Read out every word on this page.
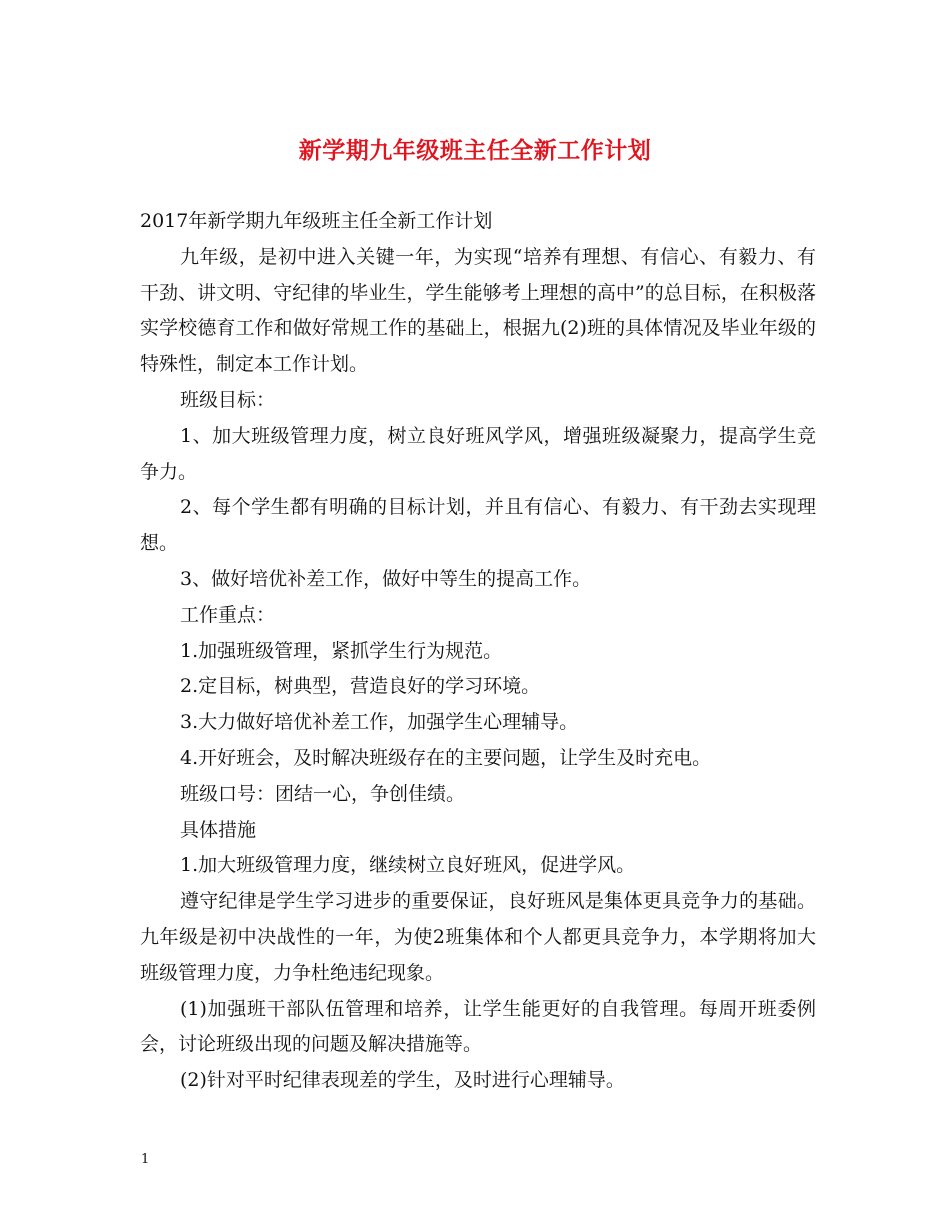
新学期九年级班主任全新工作计划

2017年新学期九年级班主任全新工作计划

九年级，是初中进入关键一年，为实现“培养有理想、有信心、有毅力、有干劲、讲文明、守纪律的毕业生，学生能够考上理想的高中”的总目标，在积极落实学校德育工作和做好常规工作的基础上，根据九(2)班的具体情况及毕业年级的特殊性，制定本工作计划。

班级目标：

1、加大班级管理力度，树立良好班风学风，增强班级凝聚力，提高学生竞争力。

2、每个学生都有明确的目标计划，并且有信心、有毅力、有干劲去实现理想。

3、做好培优补差工作，做好中等生的提高工作。

工作重点：

1.加强班级管理，紧抓学生行为规范。

2.定目标，树典型，营造良好的学习环境。

3.大力做好培优补差工作，加强学生心理辅导。

4.开好班会，及时解决班级存在的主要问题，让学生及时充电。

班级口号：团结一心，争创佳绩。

具体措施

1.加大班级管理力度，继续树立良好班风，促进学风。

遵守纪律是学生学习进步的重要保证，良好班风是集体更具竞争力的基础。九年级是初中决战性的一年，为使2班集体和个人都更具竞争力，本学期将加大班级管理力度，力争杜绝违纪现象。

(1)加强班干部队伍管理和培养，让学生能更好的自我管理。每周开班委例会，讨论班级出现的问题及解决措施等。

(2)针对平时纪律表现差的学生，及时进行心理辅导。

1
